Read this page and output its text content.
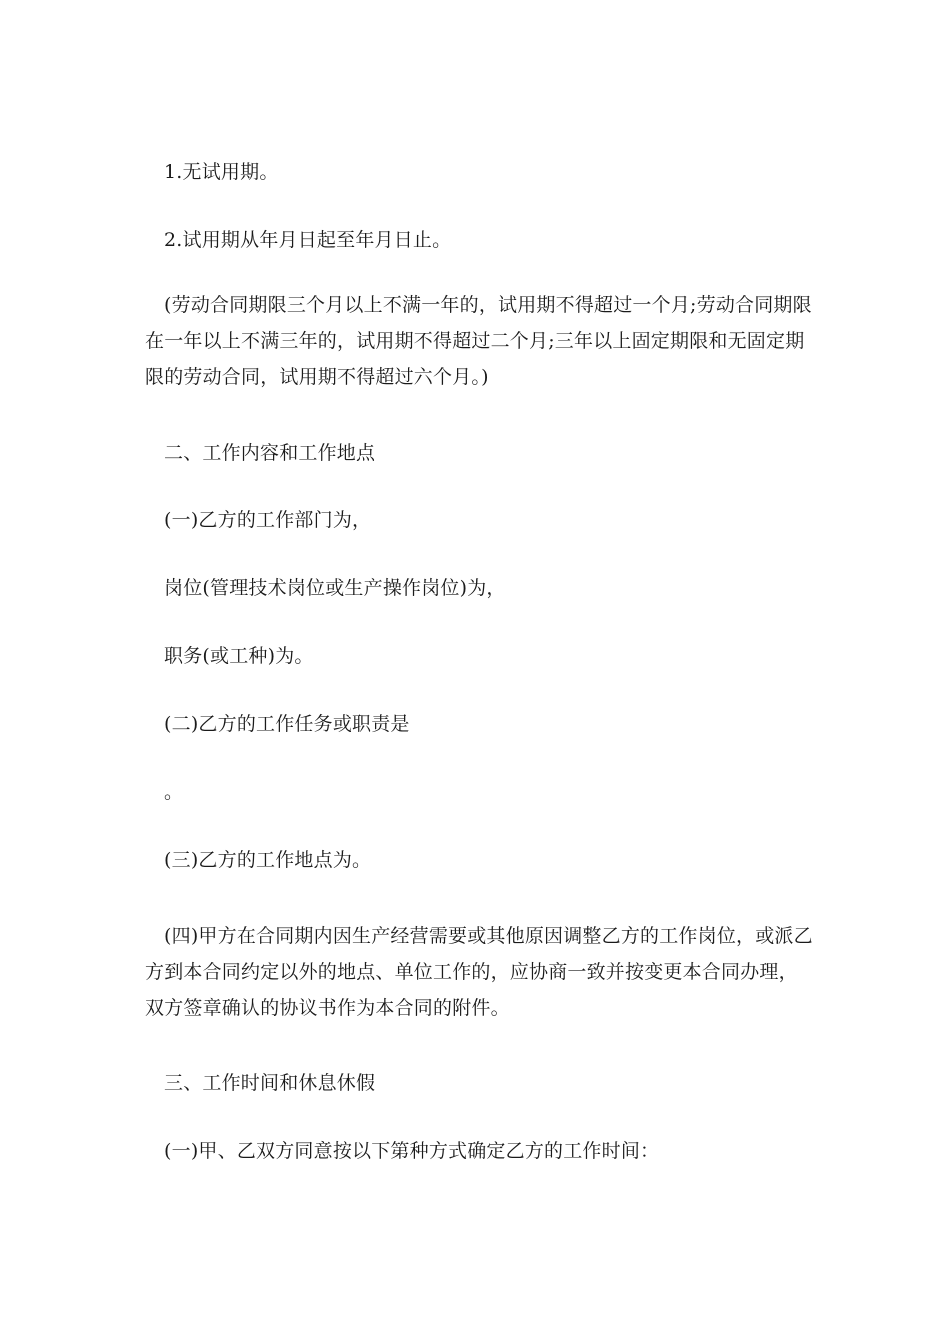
1.无试用期。

2.试用期从年月日起至年月日止。

(劳动合同期限三个月以上不满一年的，试用期不得超过一个月;劳动合同期限在一年以上不满三年的，试用期不得超过二个月;三年以上固定期限和无固定期限的劳动合同，试用期不得超过六个月。)

二、工作内容和工作地点

(一)乙方的工作部门为，

岗位(管理技术岗位或生产操作岗位)为，

职务(或工种)为。

(二)乙方的工作任务或职责是

。

(三)乙方的工作地点为。

(四)甲方在合同期内因生产经营需要或其他原因调整乙方的工作岗位，或派乙方到本合同约定以外的地点、单位工作的，应协商一致并按变更本合同办理，双方签章确认的协议书作为本合同的附件。

三、工作时间和休息休假

(一)甲、乙双方同意按以下第种方式确定乙方的工作时间：
